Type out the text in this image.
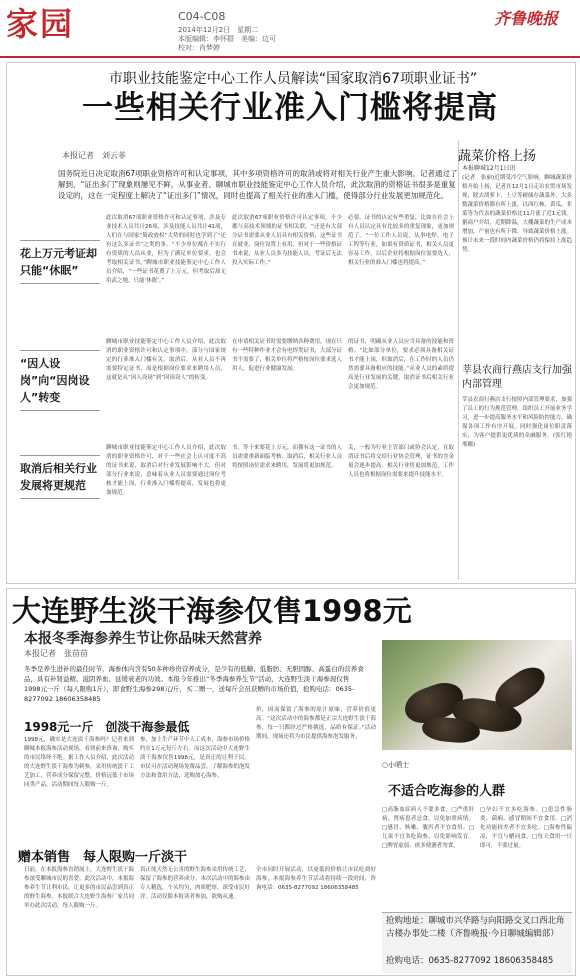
家园	C04-C08
2014年12月2日　星期二
本版编辑：李怀群　美编：边可
校对：肖梦婷
齐鲁晚报
市职业技能鉴定中心工作人员解读“国家取消67项职业证书”
一些相关行业准入门槛将提高
本报记者　刘云菲
国务院近日决定取消67项职业资格许可和认定事项，其中多项资格许可的取消或将对相关行业产生重大影响。记者通过了解到，“证出多门”现象则屡见不鲜，从事业者、聊城市职业技能鉴定中心工作人员介绍，此次取消的资格证书很多是重复设定的，这在一定程度上解决了“证出多门”情况，同时也提高了相关行业的准入门槛，使得部分行业发展更加规范化。
花上万元考证却只能“休眠”
“因人设岗”向“因岗设人”转变
取消后相关行业发展将更规范
此次取消67项职业资格许可和认定事项，涉及专业技术人员共计26项，涉及技能人员共计41项，人们在与国家“简政放权”大势的同时也学到了“还有这么多证书”之类的事。“不少单位都在不实行有资质的人员从业，但为了满足单位要求，也会考取相关证书。”聊城市职业技能鉴定中心工作人员介绍，“一些证书花费了上万元，但考取后却无用武之地，只能‘休眠’。”
此次取消67项职业资格许可认定事项，不少都与高技术领域的证书相关联。“还是有大部分证书需要从业人员具有相关资格，这些证书在就业、岗位设置上有用，但对于一些资格证书来说，从业人员多为技能人员，考证后无法投入实际工作。”
必要，证书的认定有些重复，比如在社会上有人员认定具有比较多的重复现象，更加规范了。“一位工作人员说，从事电焊、电子工程等行业，如果有资质证书，相关人员更容易工作，以后企业将根据岗位需要选人，相关行业的准入门槛也将提高。”
聊城市职业技能鉴定中心工作人员介绍，此次取消的职业资格许可和认定事项中，部分与国家规定的行业准入门槛有关，取消后，从业人员不再需要特定证书，而是根据岗位要求来聘用人员，这就是从“因人设岗”到“因岗设人”的转变。
在申请相关证书时需要缴纳各种费用，现在只有一些特种作业才会有电焊类证书，大部分证书不需要了，相关单位将严格按岗位要求选人用人，促进行业健康发展。
的证书，明确从业人员应当具备的技能和资格。“比如部分单位，要求必须具备相关证书才能上岗，但取消后，在工作时的人员仍然需要具备相应的技能。”从业人员的素质提高是行业发展的关键，取消证书后相关行业会更加规范。
聊城市职业技能鉴定中心工作人员介绍，此次取消的职业资格许可，对于一些社会上认可度不高的证书来说，取消后对行业发展影响不大，但对部分行业来说，意味着从业人员需要通过岗位考核才能上岗，行业准入门槛将提高，发展也将更加规范。
书。等于来要花上万元，而拥有这一证书的人员需要重新面临考核，取消后，相关行业人员将按照岗位需求来聘用，发展将更加规范。
关，一般为行业主管部门或协会认定，在取消证书后将交给行业协会管理，证书的含金量会逐步提高，相关行业将更加规范，工作人员也将根据岗位需要来提升技能水平。
蔬菜价格上扬
本报聊城12月1日讯
(记者　张丽)近期受冷空气影响，聊城蔬菜价格开始上扬，记者在12月1日走访农贸市场发现，除去胡萝卜、土豆等耐储存蔬菜外，大多数蔬菜价格都有所上涨，以西红柿、黄瓜、韭菜等为代表的蔬菜价格比11月涨了近1元钱。据商户介绍，近期降温，大棚蔬菜的生产成本增加，产量也有所下降，导致蔬菜价格上涨。预计未来一段时间内蔬菜价格仍将保持上涨趋势。
莘县农商行燕店支行加强内部管理
莘县农商行燕店支行按照内部管理要求，加强了员工的行为规范管理，组织员工开展业务学习，进一步提高服务水平和风险防控能力，确保各项工作有序开展，同时强化岗位职责落实，为客户提供更优质的金融服务。(张红艳　邢娜)
大连野生淡干海参仅售1998元
本报冬季海参养生节让你品味天然营养
本报记者　张苗苗
冬季是养生进补的最佳时节，海参体内含有50多种珍贵营养成分，是少有的低糖、低脂肪、无胆固醇、高蛋白的营养食品，具有补肾益精、滋阴养血、延缓衰老的功效。本报今年推出“冬季海参养生节”活动，大连野生淡干海参现仅售1998元一斤（每人限购1斤），即食野生海参298元/斤，买二赠一，送每斤会员获赠的市场价值，抢购电话：0635-8277092 18606358485
1998元一斤　创淡干海参最低
1998元，确实是大连淡干海参吗？记者来到聊城本报海参活动现场，看到前来咨询、购买的市民络绎不绝。据工作人员介绍，此次活动的大连野生淡干海参为刺参，采用传统淡干工艺加工，营养成分保留完整，价格远低于市场同类产品，活动期间每人限购一斤。
参，加上生产环节中人工成本，海参市场价格约在1万元每斤左右。而这次活动中大连野生淡干海参仅售1998元，是真正的让利于民。市民可在活动现场免费品尝，了解海参的泡发方法和食用方法，选购放心海参。
价，因而保留了海参的原汁原味，营养价值更高。“这次活动中的海参都是正宗大连野生淡干海参，每一只都经过严格挑选，品质有保证。”活动期间，现场还将为市民提供海参泡发服务。
赠本销售　每人限购一斤淡干
日前，在本报海参直销展上，大连野生淡干海参深受聊城市民的喜爱。此次活动中，本报海参养生节让利市民，让更多的市民品尝到真正的野生海参。本报联合大连野生海参厂家共同举办此次活动，每人限购一斤。
真正纯天然无公害的野生海参采用传统工艺，保留了海参的营养成分。本次活动中的海参由专人精选，个头均匀，肉质肥厚，深受市民好评。活动仅限本报读者参加，欲购从速。
全市同时开展活动，以更低的价格让市民吃到好海参，本报海参养生节活动将持续一段时间，咨询电话：0635-8277092 18606358485
○小晒士
不适合吃海参的人群
□高脂血症病人不要多食。□严重肝病、肾病患者忌食，以免加重病情。□感冒、咳嗽、腹泻者不宜食用。□儿童不宜多吃海参，以免影响发育。□脾胃虚弱、痰多便溏者勿食。
□孕妇不宜多吃海参。□患急性肠炎、菌痢、感冒期间不宜食用。□消化功能较差者不宜多吃。□海参性偏凉，不宜与醋同食。□每天食用一只即可，不要过量。
抢购地址：聊城市兴华路与向阳路交叉口西北角古楼办事处二楼（齐鲁晚报·今日聊城编辑部）
抢购电话：0635-8277092 18606358485
